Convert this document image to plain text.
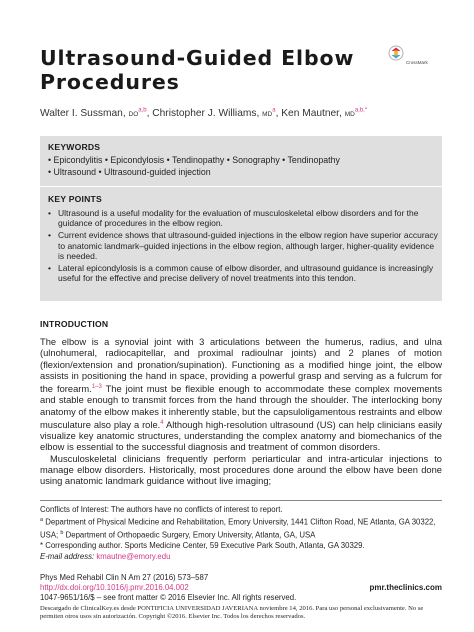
Ultrasound-Guided Elbow
Procedures
CrossMark
Walter I. Sussman, DO$^{a,b}$, Christopher J. Williams, $MD^a$, Ken Mautner, $MD^{a,b,*}$
KEYWORDS
• Epicondylitis • Epicondylosis • Tendinopathy • Sonography • Tendinopathy
• Ultrasound • Ultrasound-guided injection
KEY POINTS
• Ultrasound is a useful modality for the evaluation of musculoskeletal elbow disorders and for the guidance of procedures in the elbow region.
• Current evidence shows that ultrasound-guided injections in the elbow region have superior accuracy to anatomic landmark–guided injections in the elbow region, although larger, higher-quality evidence is needed.
• Lateral epicondylosis is a common cause of elbow disorder, and ultrasound guidance is increasingly useful for the effective and precise delivery of novel treatments into this tendon.
INTRODUCTION
The elbow is a synovial joint with 3 articulations between the humerus, radius, and ulna (ulnohumeral, radiocapitellar, and proximal radioulnar joints) and 2 planes of motion (flexion/extension and pronation/supination). Functioning as a modified hinge joint, the elbow assists in positioning the hand in space, providing a powerful grasp and serving as a fulcrum for the forearm.$^{1-3}$ The joint must be flexible enough to accommodate these complex movements and stable enough to transmit forces from the hand through the shoulder. The interlocking bony anatomy of the elbow makes it inherently stable, but the capsuloligamentous restraints and elbow musculature also play a role.$^4$ Although high-resolution ultrasound (US) can help clinicians easily visualize key anatomic structures, understanding the complex anatomy and biomechanics of the elbow is essential to the successful diagnosis and treatment of common disorders.
Musculoskeletal clinicians frequently perform periarticular and intra-articular injections to manage elbow disorders. Historically, most procedures done around the elbow have been done using anatomic landmark guidance without live imaging;

Conflicts of Interest: The authors have no conflicts of interest to report.

$^a$ Department of Physical Medicine and Rehabilitation, Emory University, 1441 Clifton Road, NE Atlanta, GA 30322, USA; $^b$ Department of Orthopaedic Surgery, Emory University, Atlanta, GA, USA

* Corresponding author. Sports Medicine Center, 59 Executive Park South, Atlanta, GA 30329.

E-mail address: kmautne@emory.edu

Phys Med Rehabil Clin N Am 27 (2016) 573–587

http://dx.doi.org/10.1016/j.pmr.2016.04.002

1047-9651/16/$ – see front matter © 2016 Elsevier Inc. All rights reserved.

pmr.theclinics.com

Descargado de ClinicalKey.es desde PONTIFICIA UNIVERSIDAD JAVERIANA noviembre 14, 2016. Para uso personal exclusivamente. No se permiten otros usos sin autorización. Copyright ©2016. Elsevier Inc. Todos los derechos reservados.
